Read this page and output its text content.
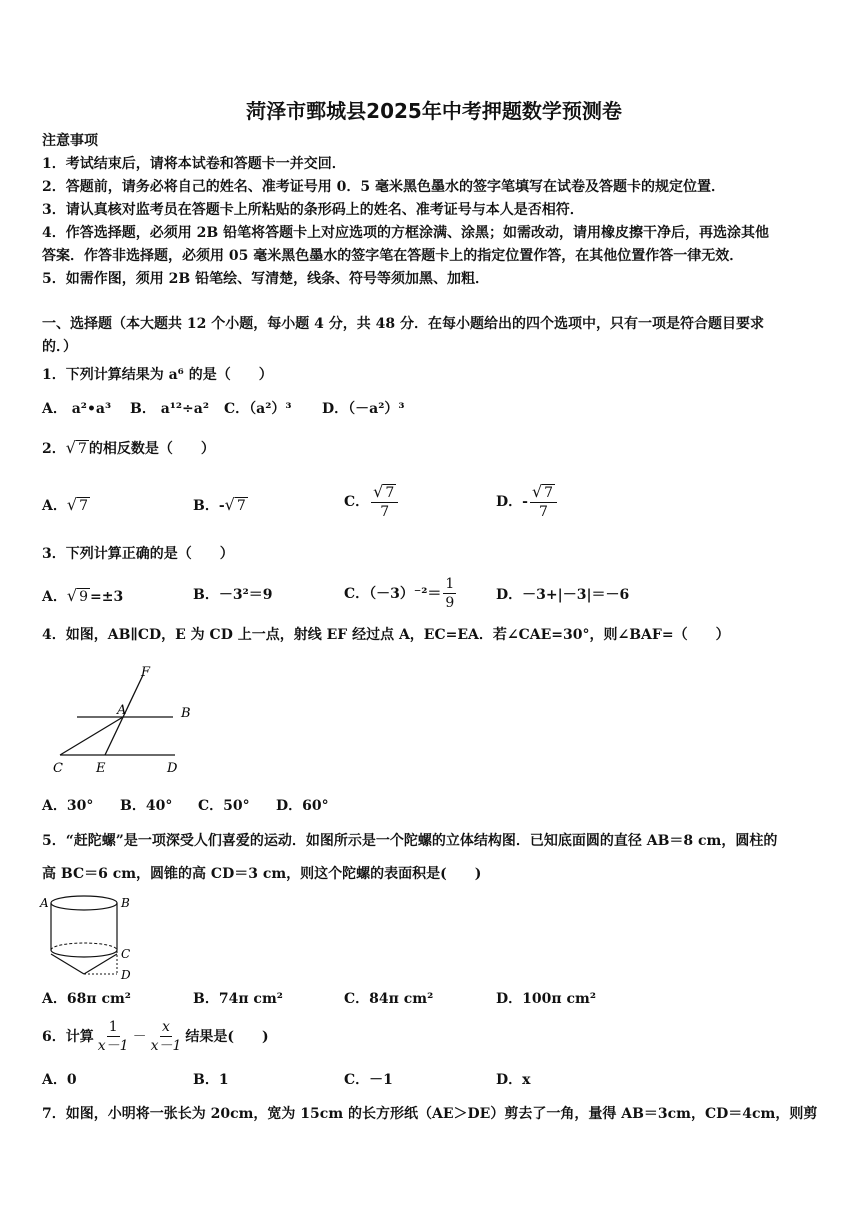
菏泽市鄄城县2025年中考押题数学预测卷
注意事项
1．考试结束后，请将本试卷和答题卡一并交回．
2．答题前，请务必将自己的姓名、准考证号用 0．5 毫米黑色墨水的签字笔填写在试卷及答题卡的规定位置．
3．请认真核对监考员在答题卡上所粘贴的条形码上的姓名、准考证号与本人是否相符．
4．作答选择题，必须用 2B 铅笔将答题卡上对应选项的方框涂满、涂黑；如需改动，请用橡皮擦干净后，再选涂其他
答案．作答非选择题，必须用 05 毫米黑色墨水的签字笔在答题卡上的指定位置作答，在其他位置作答一律无效．
5．如需作图，须用 2B 铅笔绘、写清楚，线条、符号等须加黑、加粗．
一、选择题（本大题共 12 个小题，每小题 4 分，共 48 分．在每小题给出的四个选项中，只有一项是符合题目要求
的．）
1．下列计算结果为 a⁶ 的是（　　）
A． a²•a³ B． a¹²÷a² C．（a²）³ D．（－a²）³
2． √ 7 的相反数是（　　）
A． √ 7	B．- √ 7	C． $\frac{√ 7}{7}$	D．- $\frac{√ 7}{7}$
3．下列计算正确的是（　　）
A． √ 9 =±3	B．－3²＝9	C．$(-3)^{-2}= \frac{1}{9}$	D．－3+|－3|＝－6
4．如图，AB∥CD，E 为 CD 上一点，射线 EF 经过点 A，EC=EA．若∠CAE=30°，则∠BAF=（　　）
F
A	B
C	E	D
A．30° B．40° C．50° D．60°
5．“赶陀螺”是一项深受人们喜爱的运动．如图所示是一个陀螺的立体结构图．已知底面圆的直径 AB＝8 cm，圆柱的
高 BC＝6 cm，圆锥的高 CD＝3 cm，则这个陀螺的表面积是(　　)
A	B
C
D
A．68π cm²	B．74π cm²	C．84π cm²	D．100π cm²
6．计算 $\frac{1}{x-1} - \frac{x}{x-1}$ 结果是(　　)
A．0	B．1	C．－1	D．x
7．如图，小明将一张长为 20cm，宽为 15cm 的长方形纸（AE＞DE）剪去了一角，量得 AB＝3cm，CD＝4cm，则剪
